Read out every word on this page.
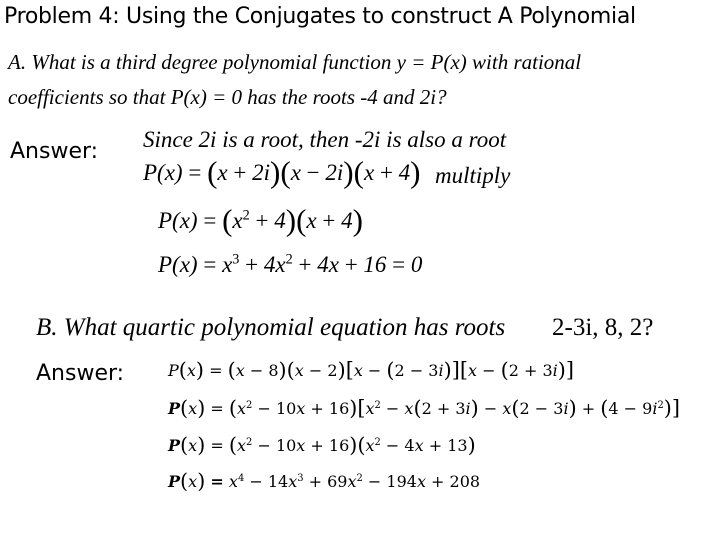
Problem 4: Using the Conjugates to construct A Polynomial
A. What is a third degree polynomial function y = P(x) with rational
coefficients so that P(x) = 0 has the roots -4 and 2i?
Answer: Since 2i is a root, then -2i is also a root
P(x) = (x + 2i)(x − 2i)(x + 4) multiply
$P(x) = (x^2 + 4)(x + 4)$
$P(x) = x^3 + 4x^2 + 4x + 16 = 0$
B. What quartic polynomial equation has roots 2-3i, 8, 2?
Answer:	P(x) = (x − 8)(x − 2)[x − (2 − 3i)][x − (2 + 3i)]
$P(x) = (x^2 - 10x + 16)[x^2 - x(2 + 3i) - x(2 - 3i) + (4 - 9i^2)]$
$P(x) = (x^2 - 10x + 16)(x^2 - 4x + 13)$
$P(x) = x^4 - 14x^3 + 69x^2 - 194x + 208$
